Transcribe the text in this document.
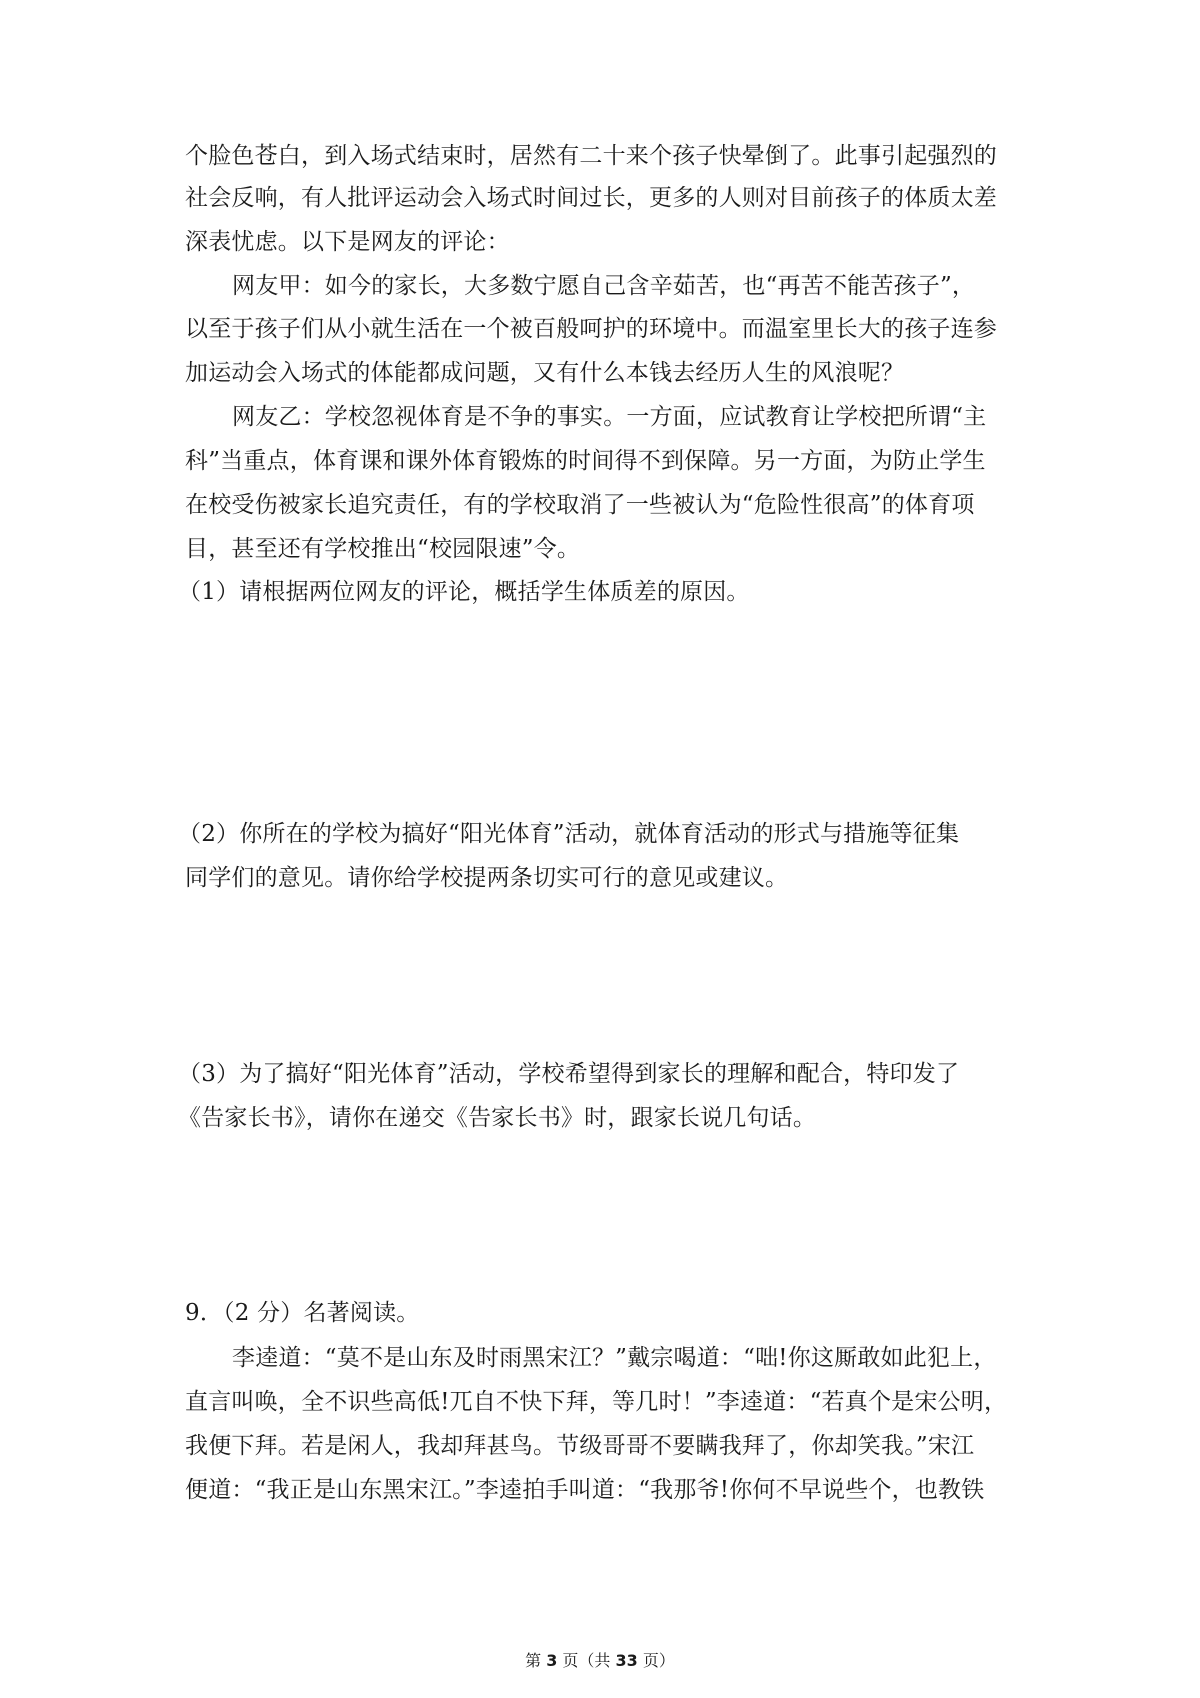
个脸色苍白，到入场式结束时，居然有二十来个孩子快晕倒了。此事引起强烈的
社会反响，有人批评运动会入场式时间过长，更多的人则对目前孩子的体质太差
深表忧虑。以下是网友的评论：
网友甲：如今的家长，大多数宁愿自己含辛茹苦，也“再苦不能苦孩子”，
以至于孩子们从小就生活在一个被百般呵护的环境中。而温室里长大的孩子连参
加运动会入场式的体能都成问题，又有什么本钱去经历人生的风浪呢？
网友乙：学校忽视体育是不争的事实。一方面，应试教育让学校把所谓“主
科”当重点，体育课和课外体育锻炼的时间得不到保障。另一方面，为防止学生
在校受伤被家长追究责任，有的学校取消了一些被认为“危险性很高”的体育项
目，甚至还有学校推出“校园限速”令。
（1）请根据两位网友的评论，概括学生体质差的原因。
（2）你所在的学校为搞好“阳光体育”活动，就体育活动的形式与措施等征集
同学们的意见。请你给学校提两条切实可行的意见或建议。
（3）为了搞好“阳光体育”活动，学校希望得到家长的理解和配合，特印发了
《告家长书》，请你在递交《告家长书》时，跟家长说几句话。
9．（2 分）名著阅读。
李逵道：“莫不是山东及时雨黑宋江？”戴宗喝道：“咄!你这厮敢如此犯上，
直言叫唤，全不识些高低!兀自不快下拜，等几时！”李逵道：“若真个是宋公明，
我便下拜。若是闲人，我却拜甚鸟。节级哥哥不要瞒我拜了，你却笑我。”宋江
便道：“我正是山东黑宋江。”李逵拍手叫道：“我那爷!你何不早说些个，也教铁
第 3 页（共 33 页）
